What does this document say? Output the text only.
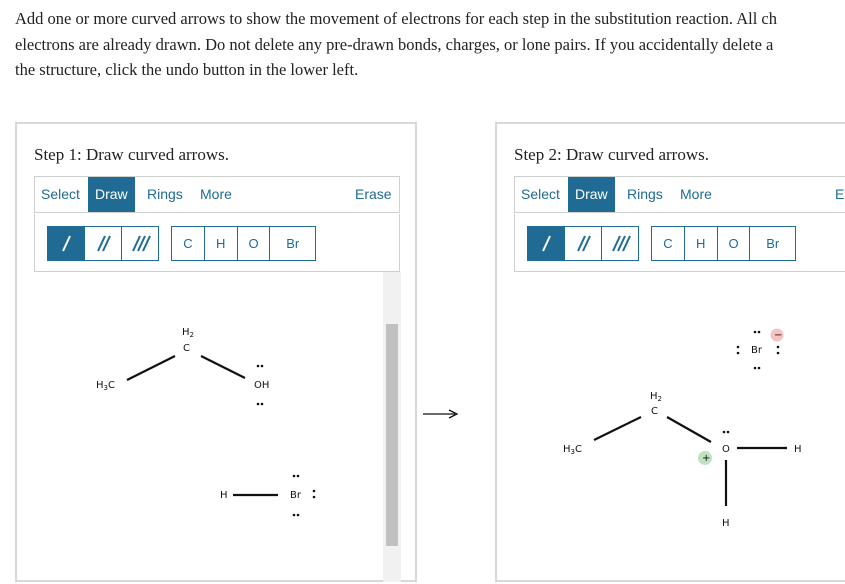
Add one or more curved arrows to show the movement of electrons for each step in the substitution reaction. All ch
electrons are already drawn. Do not delete any pre-drawn bonds, charges, or lone pairs. If you accidentally delete a
the structure, click the undo button in the lower left.
Step 1: Draw curved arrows.
Select	Draw	Rings More	Erase
C	H	O	Br
$H_3C$
$H_2$
C
OH
H	Br
Step 2: Draw curved arrows.
Select	Draw	Rings More	E
C	H	O	Br
Br
−
$H_3C$
$H_2$
C
O	H
H
+
